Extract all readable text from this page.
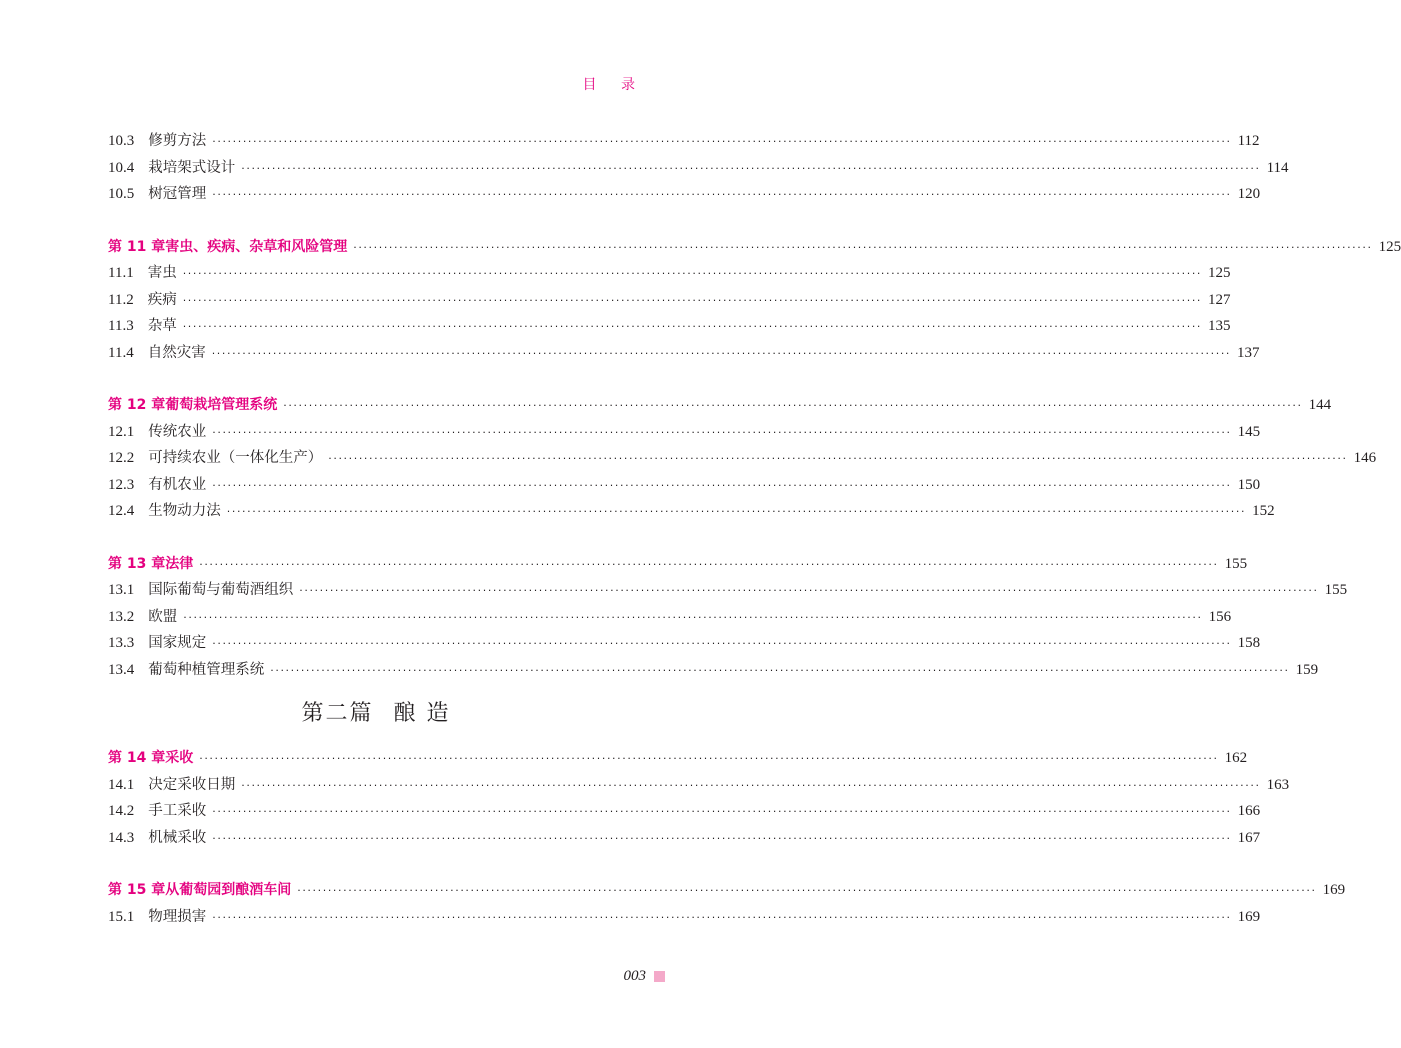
目 录
10.3 修剪方法 ········································································································································································································ 112
10.4 栽培架式设计 ········································································································································································································ 114
10.5 树冠管理 ········································································································································································································ 120
第 11 章 害虫、疾病、杂草和风险管理 ········································································································································································································ 125
11.1 害虫 ········································································································································································································ 125
11.2 疾病 ········································································································································································································ 127
11.3 杂草 ········································································································································································································ 135
11.4 自然灾害 ········································································································································································································ 137
第 12 章 葡萄栽培管理系统 ········································································································································································································ 144
12.1 传统农业 ········································································································································································································ 145
12.2 可持续农业（一体化生产） ········································································································································································································ 146
12.3 有机农业 ········································································································································································································ 150
12.4 生物动力法 ········································································································································································································ 152
第 13 章 法律 ········································································································································································································ 155
13.1 国际葡萄与葡萄酒组织 ········································································································································································································ 155
13.2 欧盟 ········································································································································································································ 156
13.3 国家规定 ········································································································································································································ 158
13.4 葡萄种植管理系统 ········································································································································································································ 159
第二篇 酿 造
第 14 章 采收 ········································································································································································································ 162
14.1 决定采收日期 ········································································································································································································ 163
14.2 手工采收 ········································································································································································································ 166
14.3 机械采收 ········································································································································································································ 167
第 15 章 从葡萄园到酿酒车间 ········································································································································································································ 169
15.1 物理损害 ········································································································································································································ 169
003
